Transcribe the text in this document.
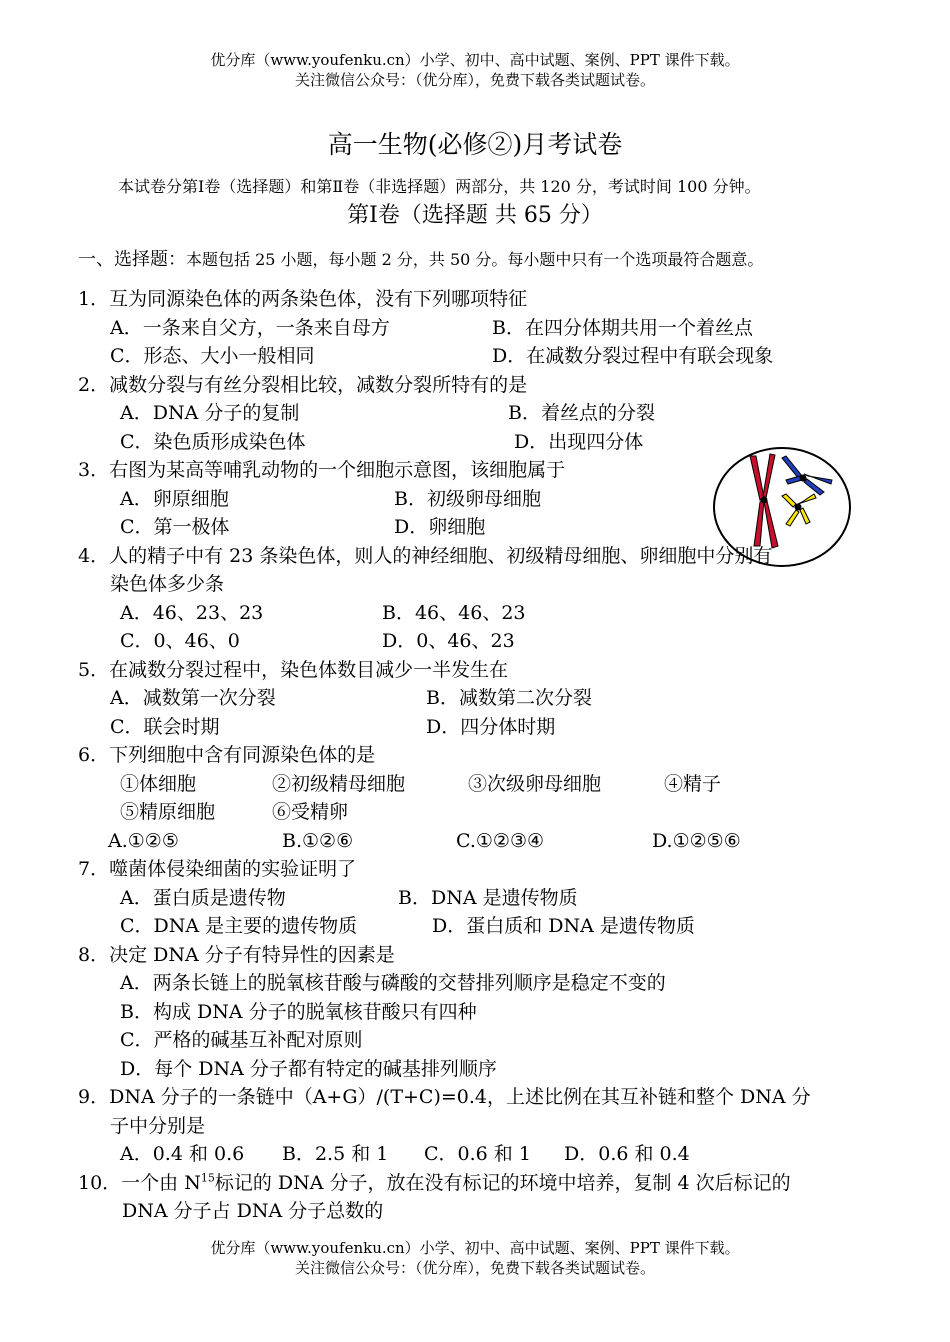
优分库（www.youfenku.cn）小学、初中、高中试题、案例、PPT 课件下载。
关注微信公众号：（优分库），免费下载各类试题试卷。
高一生物(必修②)月考试卷
本试卷分第Ⅰ卷（选择题）和第Ⅱ卷（非选择题）两部分，共 120 分，考试时间 100 分钟。
第Ⅰ卷（选择题 共 65 分）
一、选择题：本题包括 25 小题，每小题 2 分，共 50 分。每小题中只有一个选项最符合题意。
1．互为同源染色体的两条染色体，没有下列哪项特征
A．一条来自父方，一条来自母方	B．在四分体期共用一个着丝点
C．形态、大小一般相同	D．在减数分裂过程中有联会现象
2．减数分裂与有丝分裂相比较，减数分裂所特有的是
A．DNA 分子的复制	B．着丝点的分裂
C．染色质形成染色体	D．出现四分体
3．右图为某高等哺乳动物的一个细胞示意图，该细胞属于
A．卵原细胞	B．初级卵母细胞
C．第一极体	D．卵细胞
4．人的精子中有 23 条染色体，则人的神经细胞、初级精母细胞、卵细胞中分别有
染色体多少条
A．46、23、23	B．46、46、23
C．0、46、0	D．0、46、23
5．在减数分裂过程中，染色体数目减少一半发生在
A．减数第一次分裂	B．减数第二次分裂
C．联会时期	D．四分体时期
6．下列细胞中含有同源染色体的是
①体细胞	②初级精母细胞	③次级卵母细胞	④精子
⑤精原细胞	⑥受精卵
A.①②⑤	B.①②⑥	C.①②③④	D.①②⑤⑥
7．噬菌体侵染细菌的实验证明了
A．蛋白质是遗传物	B．DNA 是遗传物质
C．DNA 是主要的遗传物质	D．蛋白质和 DNA 是遗传物质
8．决定 DNA 分子有特异性的因素是
A．两条长链上的脱氧核苷酸与磷酸的交替排列顺序是稳定不变的
B．构成 DNA 分子的脱氧核苷酸只有四种
C．严格的碱基互补配对原则
D．每个 DNA 分子都有特定的碱基排列顺序
9．DNA 分子的一条链中（A+G）/(T+C)=0.4，上述比例在其互补链和整个 DNA 分
子中分别是
A．0.4 和 0.6 B．2.5 和 1 C．0.6 和 1 D．0.6 和 0.4
10．一个由 $N^{15}$标记的 DNA 分子，放在没有标记的环境中培养，复制 4 次后标记的
DNA 分子占 DNA 分子总数的
优分库（www.youfenku.cn）小学、初中、高中试题、案例、PPT 课件下载。
关注微信公众号：（优分库），免费下载各类试题试卷。
